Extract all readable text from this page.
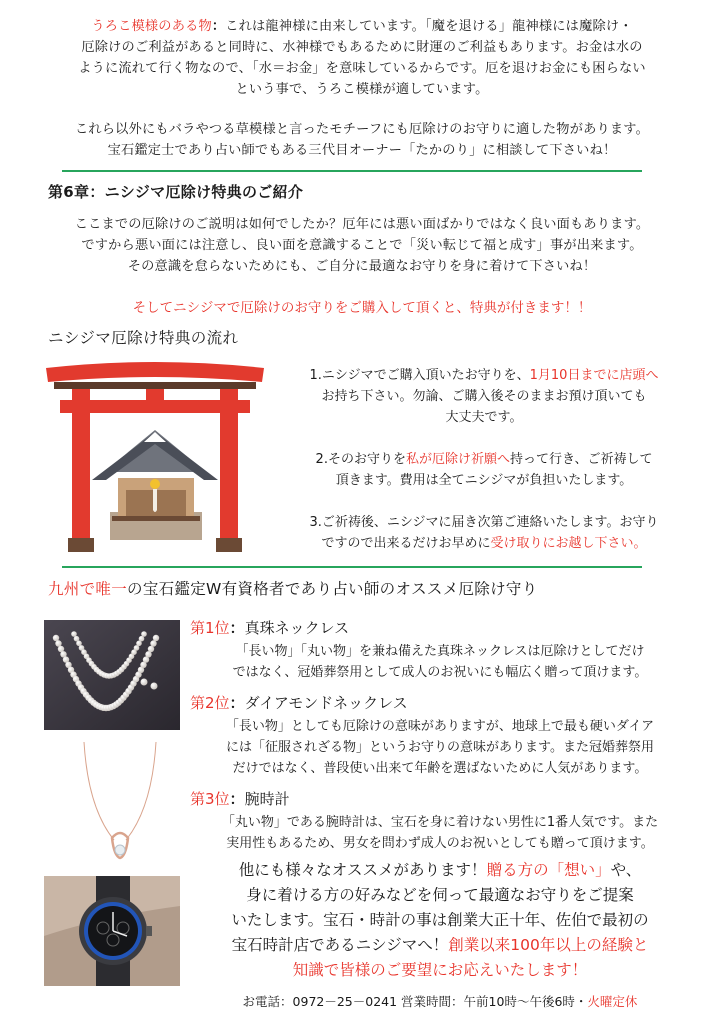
うろこ模様のある物：これは龍神様に由来しています。「魔を退ける」龍神様には魔除け・
厄除けのご利益があると同時に、水神様でもあるために財運のご利益もあります。お金は水の
ように流れて行く物なので、「水＝お金」を意味しているからです。厄を退けお金にも困らない
という事で、うろこ模様が適しています。
これら以外にもバラやつる草模様と言ったモチーフにも厄除けのお守りに適した物があります。
宝石鑑定士であり占い師でもある三代目オーナー「たかのり」に相談して下さいね！
第6章：ニシジマ厄除け特典のご紹介
ここまでの厄除けのご説明は如何でしたか？厄年には悪い面ばかりではなく良い面もあります。
ですから悪い面には注意し、良い面を意識することで「災い転じて福と成す」事が出来ます。
その意識を怠らないためにも、ご自分に最適なお守りを身に着けて下さいね！
そしてニシジマで厄除けのお守りをご購入して頂くと、特典が付きます！！
ニシジマ厄除け特典の流れ

1.ニシジマでご購入頂いたお守りを、1月10日までに店頭へ
お持ち下さい。勿論、ご購入後そのままお預け頂いても
大丈夫です。

2.そのお守りを私が厄除け祈願へ持って行き、ご祈祷して
頂きます。費用は全てニシジマが負担いたします。

3.ご祈祷後、ニシジマに届き次第ご連絡いたします。お守り
ですので出来るだけお早めに受け取りにお越し下さい。

九州で唯一の宝石鑑定W有資格者であり占い師のオススメ厄除け守り
第1位：真珠ネックレス
「長い物」「丸い物」を兼ね備えた真珠ネックレスは厄除けとしてだけ
ではなく、冠婚葬祭用として成人のお祝いにも幅広く贈って頂けます。
第2位：ダイアモンドネックレス
「長い物」としても厄除けの意味がありますが、地球上で最も硬いダイア
には「征服されざる物」というお守りの意味があります。また冠婚葬祭用
だけではなく、普段使い出来て年齢を選ばないために人気があります。
第3位：腕時計
「丸い物」である腕時計は、宝石を身に着けない男性に1番人気です。また
実用性もあるため、男女を問わず成人のお祝いとしても贈って頂けます。
他にも様々なオススメがあります！贈る方の「想い」や、
身に着ける方の好みなどを伺って最適なお守りをご提案
いたします。宝石・時計の事は創業大正十年、佐伯で最初の
宝石時計店であるニシジマへ！創業以来100年以上の経験と
知識で皆様のご要望にお応えいたします！
お電話：0972－25－0241 営業時間：午前10時～午後6時・火曜定休
